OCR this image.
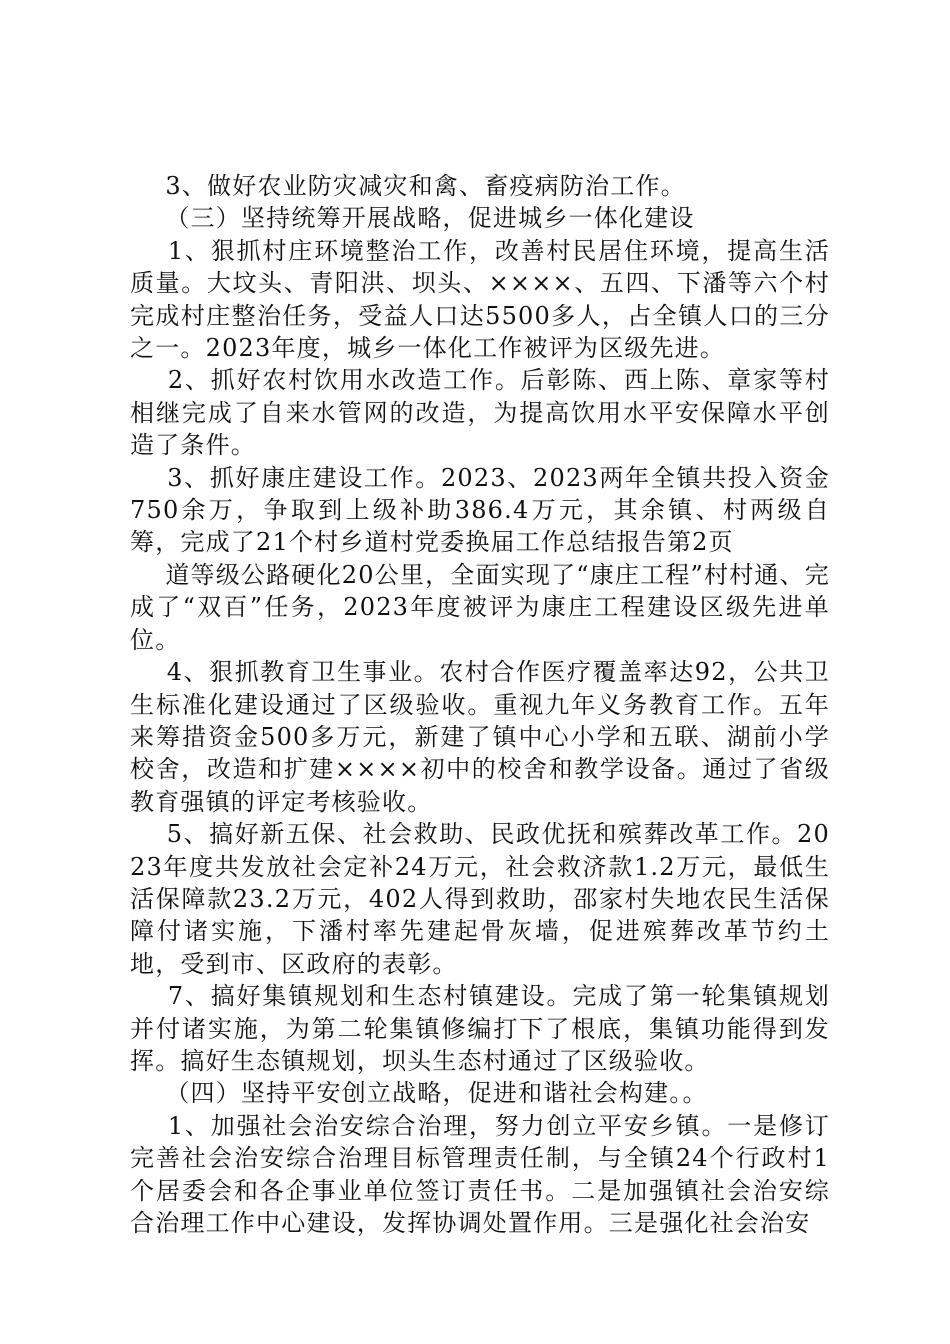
3、做好农业防灾减灾和禽、畜疫病防治工作。

（三）坚持统筹开展战略，促进城乡一体化建设

1、狠抓村庄环境整治工作，改善村民居住环境，提高生活质量。大坟头、青阳洪、坝头、××××、五四、下潘等六个村完成村庄整治任务，受益人口达5500多人，占全镇人口的三分之一。2023年度，城乡一体化工作被评为区级先进。

2、抓好农村饮用水改造工作。后彰陈、西上陈、章家等村相继完成了自来水管网的改造，为提高饮用水平安保障水平创造了条件。

3、抓好康庄建设工作。2023、2023两年全镇共投入资金750余万，争取到上级补助386.4万元，其余镇、村两级自筹，完成了21个村乡道村党委换届工作总结报告第2页

道等级公路硬化20公里，全面实现了“康庄工程”村村通、完成了“双百”任务，2023年度被评为康庄工程建设区级先进单位。

4、狠抓教育卫生事业。农村合作医疗覆盖率达92，公共卫生标准化建设通过了区级验收。重视九年义务教育工作。五年来筹措资金500多万元，新建了镇中心小学和五联、湖前小学校舍，改造和扩建××××初中的校舍和教学设备。通过了省级教育强镇的评定考核验收。

5、搞好新五保、社会救助、民政优抚和殡葬改革工作。2023年度共发放社会定补24万元，社会救济款1.2万元，最低生活保障款23.2万元，402人得到救助，邵家村失地农民生活保障付诸实施，下潘村率先建起骨灰墙，促进殡葬改革节约土地，受到市、区政府的表彰。

7、搞好集镇规划和生态村镇建设。完成了第一轮集镇规划并付诸实施，为第二轮集镇修编打下了根底，集镇功能得到发挥。搞好生态镇规划，坝头生态村通过了区级验收。

（四）坚持平安创立战略，促进和谐社会构建。。

1、加强社会治安综合治理，努力创立平安乡镇。一是修订完善社会治安综合治理目标管理责任制，与全镇24个行政村1个居委会和各企事业单位签订责任书。二是加强镇社会治安综合治理工作中心建设，发挥协调处置作用。三是强化社会治安
